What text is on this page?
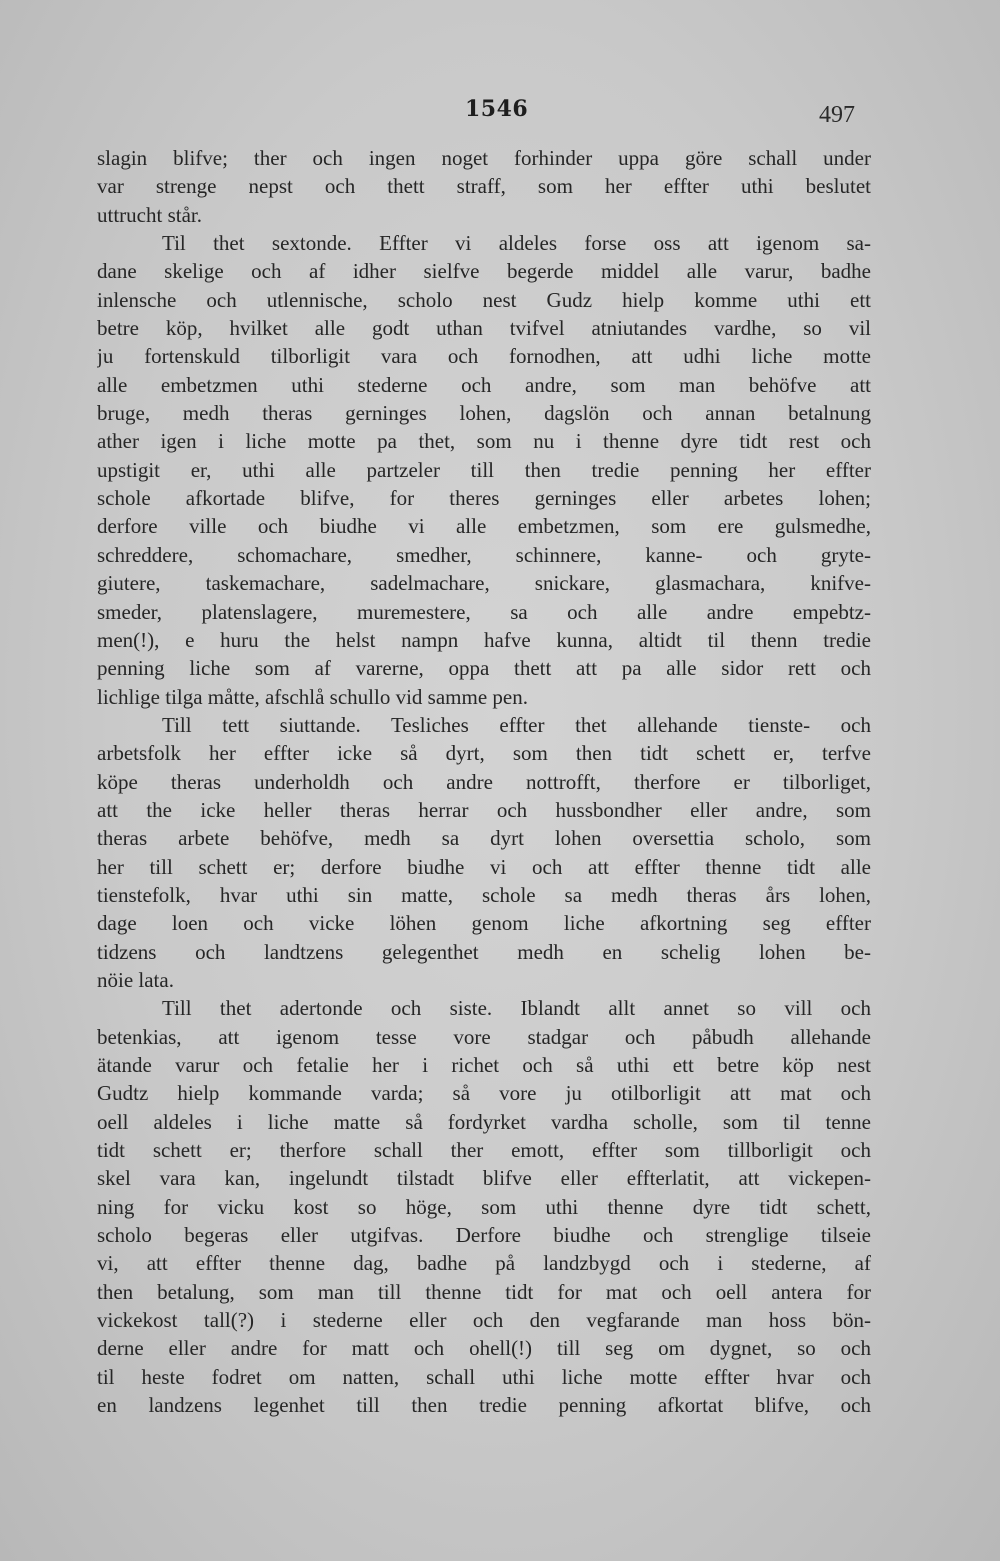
1546	497
slagin blifve; ther och ingen noget forhinder uppa göre schall under
var strenge nepst och thett straff, som her effter uthi beslutet
uttrucht står.
Til thet sextonde. Effter vi aldeles forse oss att igenom sa-
dane skelige och af idher sielfve begerde middel alle varur, badhe
inlensche och utlennische, scholo nest Gudz hielp komme uthi ett
betre köp, hvilket alle godt uthan tvifvel atniutandes vardhe, so vil
ju fortenskuld tilborligit vara och fornodhen, att udhi liche motte
alle embetzmen uthi stederne och andre, som man behöfve att
bruge, medh theras gerninges lohen, dagslön och annan betalnung
ather igen i liche motte pa thet, som nu i thenne dyre tidt rest och
upstigit er, uthi alle partzeler till then tredie penning her effter
schole afkortade blifve, for theres gerninges eller arbetes lohen;
derfore ville och biudhe vi alle embetzmen, som ere gulsmedhe,
schreddere, schomachare, smedher, schinnere, kanne- och gryte-
giutere, taskemachare, sadelmachare, snickare, glasmachara, knifve-
smeder, platenslagere, muremestere, sa och alle andre empebtz-
men(!), e huru the helst nampn hafve kunna, altidt til thenn tredie
penning liche som af varerne, oppa thett att pa alle sidor rett och
lichlige tilga måtte, afschlå schullo vid samme pen.
Till tett siuttande. Tesliches effter thet allehande tienste- och
arbetsfolk her effter icke så dyrt, som then tidt schett er, terfve
köpe theras underholdh och andre nottrofft, therfore er tilborliget,
att the icke heller theras herrar och hussbondher eller andre, som
theras arbete behöfve, medh sa dyrt lohen oversettia scholo, som
her till schett er; derfore biudhe vi och att effter thenne tidt alle
tienstefolk, hvar uthi sin matte, schole sa medh theras års lohen,
dage loen och vicke löhen genom liche afkortning seg effter
tidzens och landtzens gelegenthet medh en schelig lohen be-
nöie lata.
Till thet adertonde och siste. Iblandt allt annet so vill och
betenkias, att igenom tesse vore stadgar och påbudh allehande
ätande varur och fetalie her i richet och så uthi ett betre köp nest
Gudtz hielp kommande varda; så vore ju otilborligit att mat och
oell aldeles i liche matte så fordyrket vardha scholle, som til tenne
tidt schett er; therfore schall ther emott, effter som tillborligit och
skel vara kan, ingelundt tilstadt blifve eller effterlatit, att vickepen-
ning for vicku kost so höge, som uthi thenne dyre tidt schett,
scholo begeras eller utgifvas. Derfore biudhe och strenglige tilseie
vi, att effter thenne dag, badhe på landzbygd och i stederne, af
then betalung, som man till thenne tidt for mat och oell antera for
vickekost tall(?) i stederne eller och den vegfarande man hoss bön-
derne eller andre for matt och ohell(!) till seg om dygnet, so och
til heste fodret om natten, schall uthi liche motte effter hvar och
en landzens legenhet till then tredie penning afkortat blifve, och
